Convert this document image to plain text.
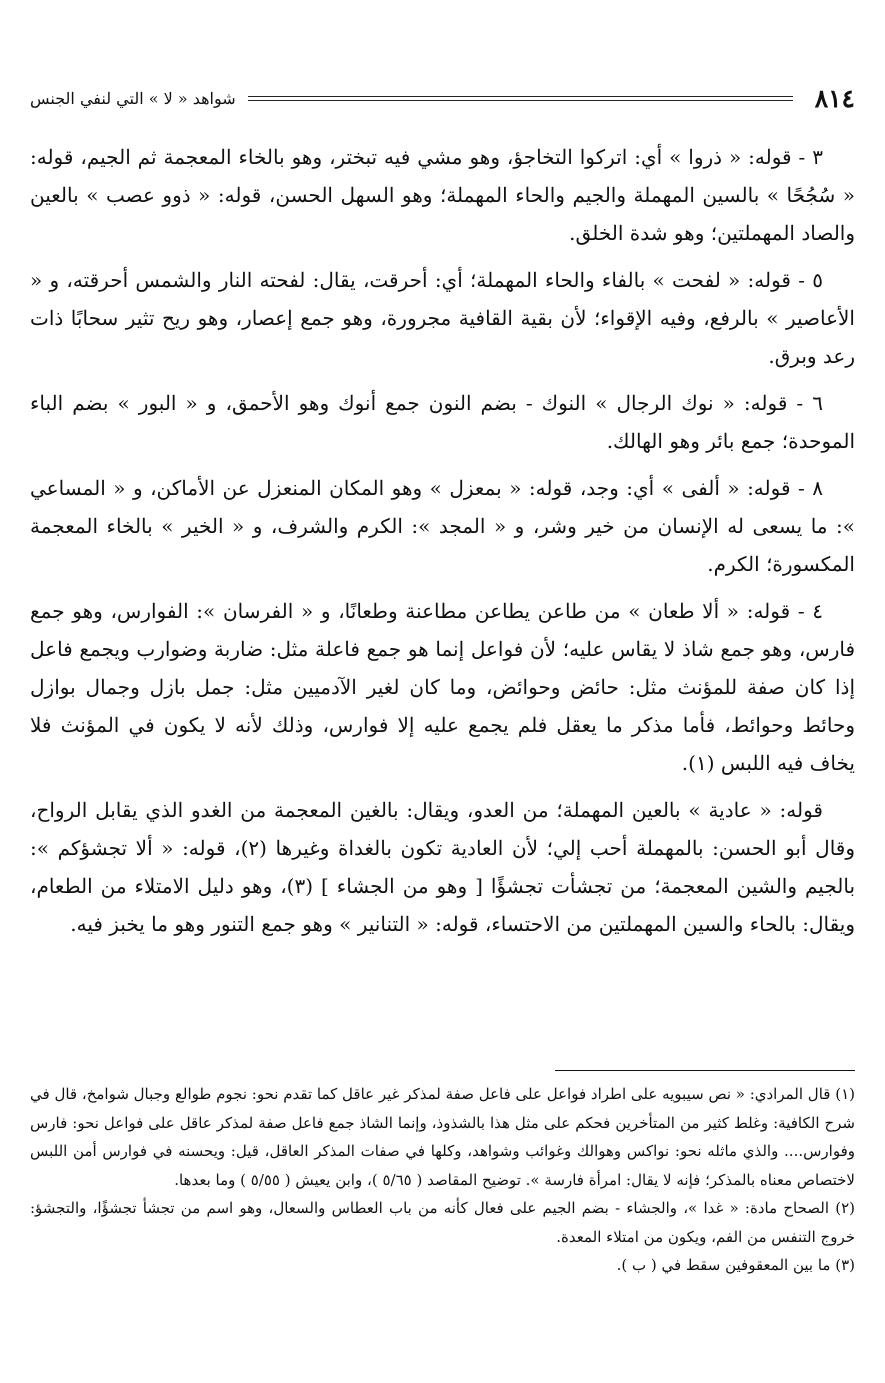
٨١٤
شواهد « لا » التي لنفي الجنس

٣ - قوله: « ذروا » أي: اتركوا التخاجؤ، وهو مشي فيه تبختر، وهو بالخاء المعجمة ثم الجيم، قوله: « سُجُحًا » بالسين المهملة والجيم والحاء المهملة؛ وهو السهل الحسن، قوله: « ذوو عصب » بالعين والصاد المهملتين؛ وهو شدة الخلق.

٥ - قوله: « لفحت » بالفاء والحاء المهملة؛ أي: أحرقت، يقال: لفحته النار والشمس أحرقته، و « الأعاصير » بالرفع، وفيه الإقواء؛ لأن بقية القافية مجرورة، وهو جمع إعصار، وهو ريح تثير سحابًا ذات رعد وبرق.

٦ - قوله: « نوك الرجال » النوك - بضم النون جمع أنوك وهو الأحمق، و « البور » بضم الباء الموحدة؛ جمع بائر وهو الهالك.

٨ - قوله: « ألفى » أي: وجد، قوله: « بمعزل » وهو المكان المنعزل عن الأماكن، و « المساعي »: ما يسعى له الإنسان من خير وشر، و « المجد »: الكرم والشرف، و « الخير » بالخاء المعجمة المكسورة؛ الكرم.

٤ - قوله: « ألا طعان » من طاعن يطاعن مطاعنة وطعانًا، و « الفرسان »: الفوارس، وهو جمع فارس، وهو جمع شاذ لا يقاس عليه؛ لأن فواعل إنما هو جمع فاعلة مثل: ضاربة وضوارب ويجمع فاعل إذا كان صفة للمؤنث مثل: حائض وحوائض، وما كان لغير الآدميين مثل: جمل بازل وجمال بوازل وحائط وحوائط، فأما مذكر ما يعقل فلم يجمع عليه إلا فوارس، وذلك لأنه لا يكون في المؤنث فلا يخاف فيه اللبس (١).

قوله: « عادية » بالعين المهملة؛ من العدو، ويقال: بالغين المعجمة من الغدو الذي يقابل الرواح، وقال أبو الحسن: بالمهملة أحب إلي؛ لأن العادية تكون بالغداة وغيرها (٢)، قوله: « ألا تجشؤكم »: بالجيم والشين المعجمة؛ من تجشأت تجشؤًا [ وهو من الجشاء ] (٣)، وهو دليل الامتلاء من الطعام، ويقال: بالحاء والسين المهملتين من الاحتساء، قوله: « التنانير » وهو جمع التنور وهو ما يخبز فيه.

(١) قال المرادي: « نص سيبويه على اطراد فواعل على فاعل صفة لمذكر غير عاقل كما تقدم نحو: نجوم طوالع وجبال شوامخ، قال في شرح الكافية: وغلط كثير من المتأخرين فحكم على مثل هذا بالشذوذ، وإنما الشاذ جمع فاعل صفة لمذكر عاقل على فواعل نحو: فارس وفوارس.... والذي ماثله نحو: نواكس وهوالك وغوائب وشواهد، وكلها في صفات المذكر العاقل، قيل: ويحسنه في فوارس أمن اللبس لاختصاص معناه بالمذكر؛ فإنه لا يقال: امرأة فارسة ». توضيح المقاصد ( ٥/٦٥ )، وابن يعيش ( ٥/٥٥ ) وما بعدها.

(٢) الصحاح مادة: « غدا »، والجشاء - بضم الجيم على فعال كأنه من باب العطاس والسعال، وهو اسم من تجشأ تجشؤًا، والتجشؤ: خروج التنفس من الفم، ويكون من امتلاء المعدة.

(٣) ما بين المعقوفين سقط في ( ب ).
